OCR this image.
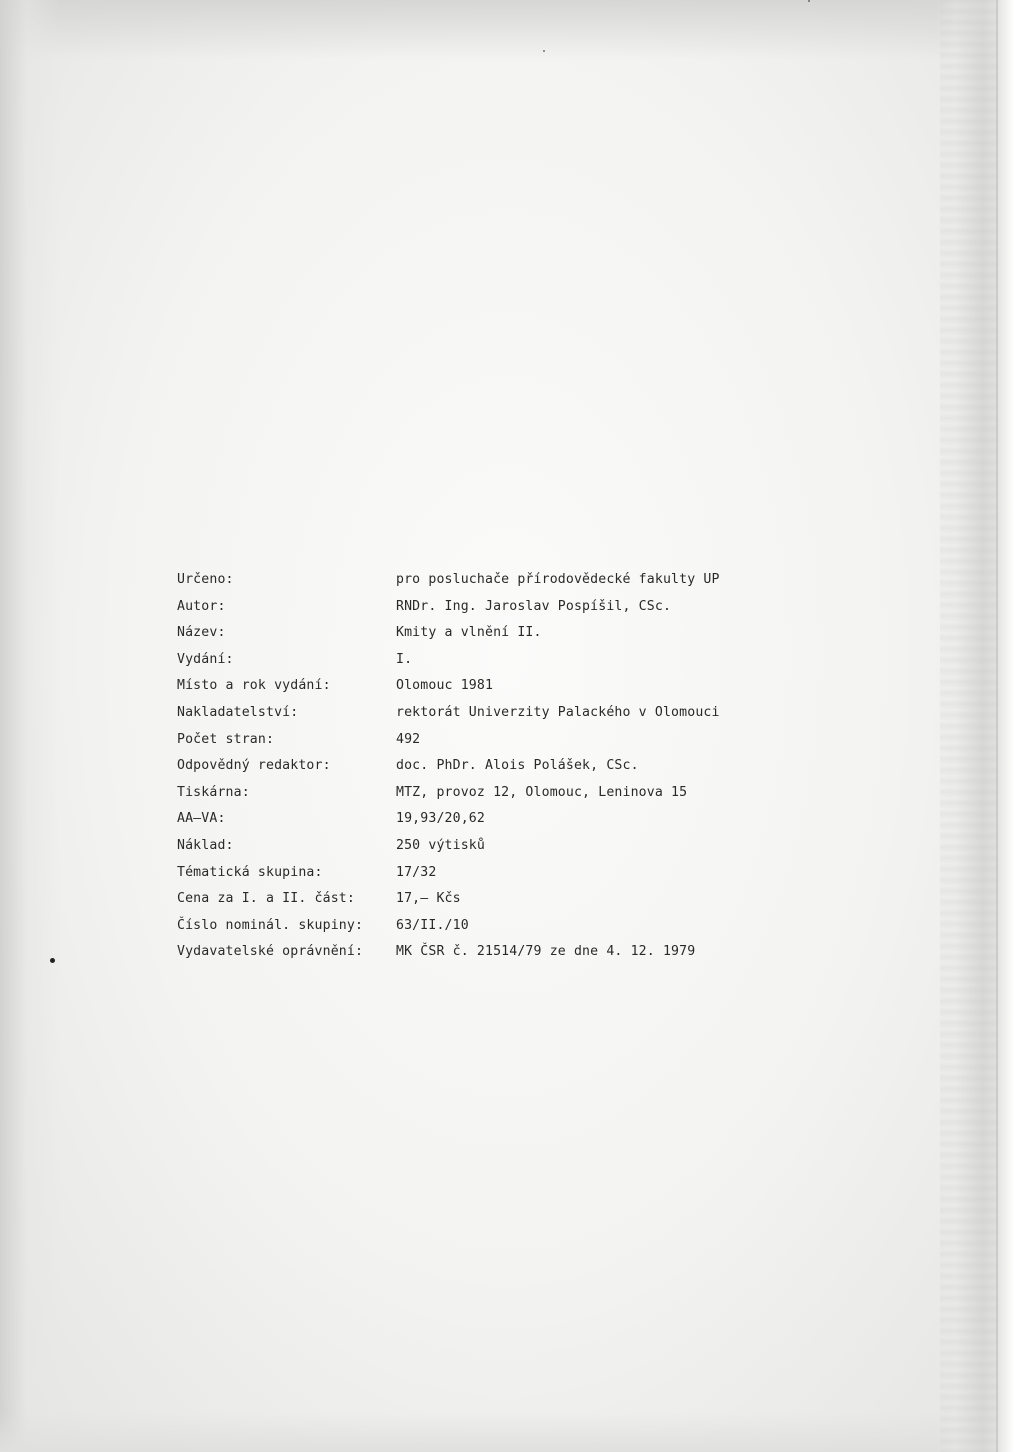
Určeno:	pro posluchače přírodovědecké fakulty UP
Autor:	RNDr. Ing. Jaroslav Pospíšil, CSc.
Název:	Kmity a vlnění II.
Vydání:	I.
Místo a rok vydání:	Olomouc 1981
Nakladatelství:	rektorát Univerzity Palackého v Olomouci
Počet stran:	492
Odpovědný redaktor:	doc. PhDr. Alois Polášek, CSc.
Tiskárna:	MTZ, provoz 12, Olomouc, Leninova 15
AA—VA:	19,93/20,62
Náklad:	250 výtisků
Tématická skupina:	17/32
Cena za I. a II. část:	17,— Kčs
Číslo nominál. skupiny:	63/II./10
Vydavatelské oprávnění:	MK ČSR č. 21514/79 ze dne 4. 12. 1979
